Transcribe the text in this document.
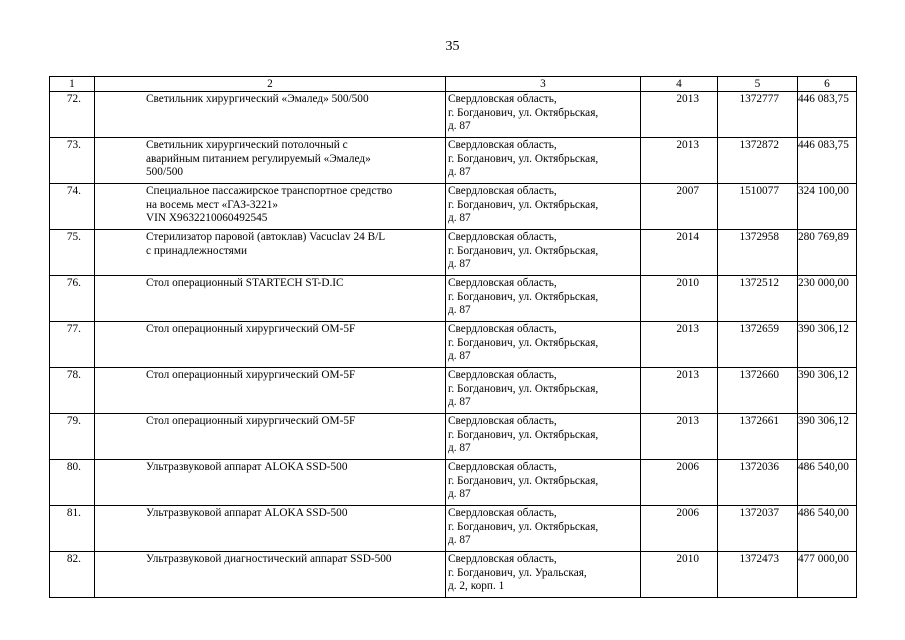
35
1	2	3	4	5	6
72.	Светильник хирургический «Эмалед» 500/500	Свердловская область,
г. Богданович, ул. Октябрьская,
д. 87	2013	1372777	446 083,75
73.	Светильник хирургический потолочный с
аварийным питанием регулируемый «Эмалед»
500/500	Свердловская область,
г. Богданович, ул. Октябрьская,
д. 87	2013	1372872	446 083,75
74.	Специальное пассажирское транспортное средство
на восемь мест «ГАЗ-3221»
VIN X9632210060492545	Свердловская область,
г. Богданович, ул. Октябрьская,
д. 87	2007	1510077	324 100,00
75.	Стерилизатор паровой (автоклав) Vacuclav 24 B/L
с принадлежностями	Свердловская область,
г. Богданович, ул. Октябрьская,
д. 87	2014	1372958	280 769,89
76.	Стол операционный STARTECH ST-D.IC	Свердловская область,
г. Богданович, ул. Октябрьская,
д. 87	2010	1372512	230 000,00
77.	Стол операционный хирургический OM-5F	Свердловская область,
г. Богданович, ул. Октябрьская,
д. 87	2013	1372659	390 306,12
78.	Стол операционный хирургический OM-5F	Свердловская область,
г. Богданович, ул. Октябрьская,
д. 87	2013	1372660	390 306,12
79.	Стол операционный хирургический OM-5F	Свердловская область,
г. Богданович, ул. Октябрьская,
д. 87	2013	1372661	390 306,12
80.	Ультразвуковой аппарат ALOKA SSD-500	Свердловская область,
г. Богданович, ул. Октябрьская,
д. 87	2006	1372036	486 540,00
81.	Ультразвуковой аппарат ALOKA SSD-500	Свердловская область,
г. Богданович, ул. Октябрьская,
д. 87	2006	1372037	486 540,00
82.	Ультразвуковой диагностический аппарат SSD-500	Свердловская область,
г. Богданович, ул. Уральская,
д. 2, корп. 1	2010	1372473	477 000,00
